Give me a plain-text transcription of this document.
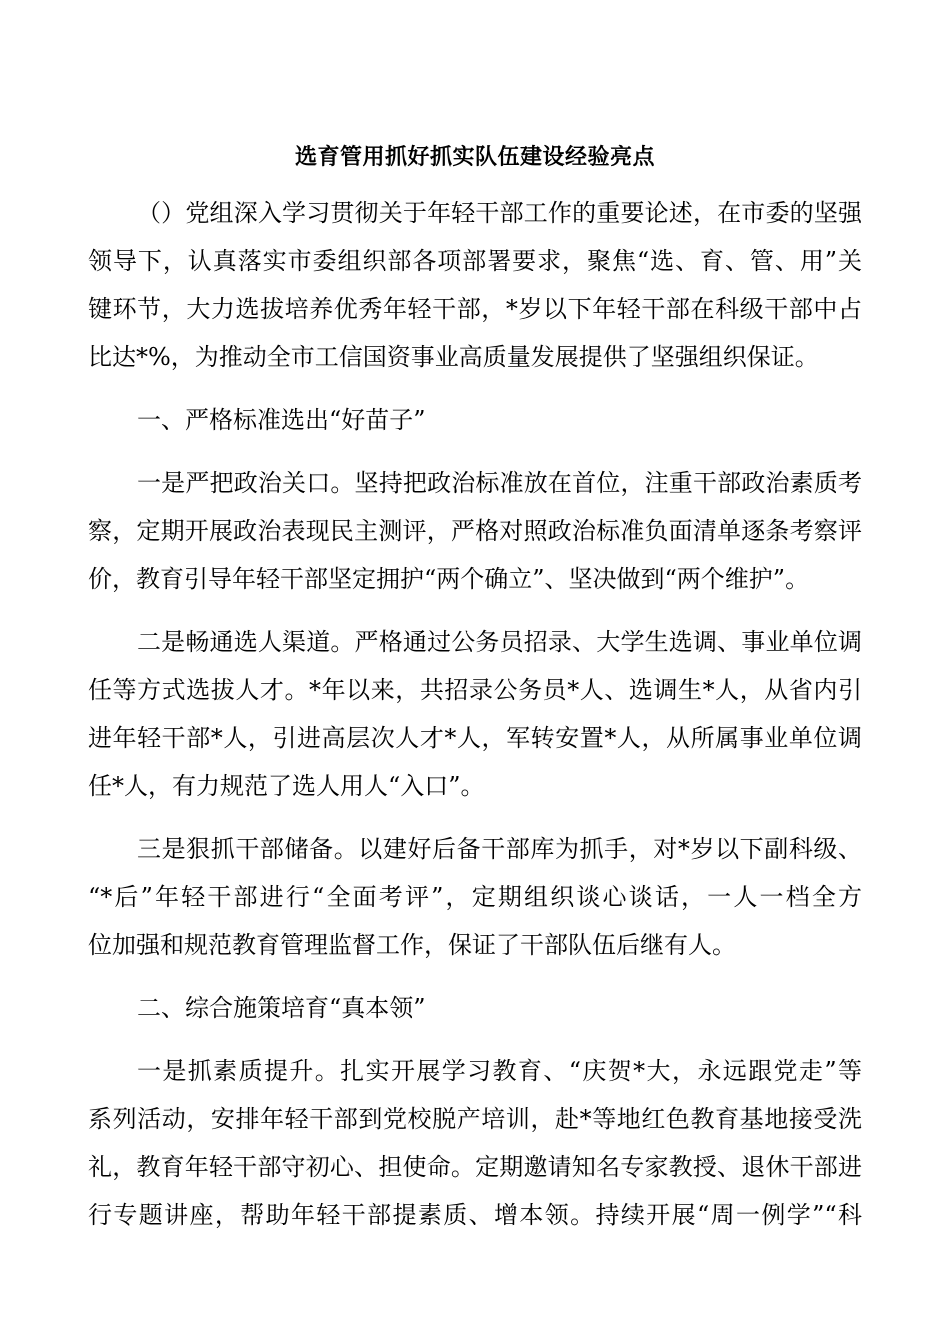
选育管用抓好抓实队伍建设经验亮点
（）党组深入学习贯彻关于年轻干部工作的重要论述，在市委的坚强
领导下，认真落实市委组织部各项部署要求，聚焦“选、育、管、用”关
键环节，大力选拔培养优秀年轻干部，*岁以下年轻干部在科级干部中占
比达*%，为推动全市工信国资事业高质量发展提供了坚强组织保证。
一、严格标准选出“好苗子”
一是严把政治关口。坚持把政治标准放在首位，注重干部政治素质考
察，定期开展政治表现民主测评，严格对照政治标准负面清单逐条考察评
价，教育引导年轻干部坚定拥护“两个确立”、坚决做到“两个维护”。
二是畅通选人渠道。严格通过公务员招录、大学生选调、事业单位调
任等方式选拔人才。*年以来，共招录公务员*人、选调生*人，从省内引
进年轻干部*人，引进高层次人才*人，军转安置*人，从所属事业单位调
任*人，有力规范了选人用人“入口”。
三是狠抓干部储备。以建好后备干部库为抓手，对*岁以下副科级、
“*后”年轻干部进行“全面考评”，定期组织谈心谈话，一人一档全方
位加强和规范教育管理监督工作，保证了干部队伍后继有人。
二、综合施策培育“真本领”
一是抓素质提升。扎实开展学习教育、“庆贺*大，永远跟党走”等
系列活动，安排年轻干部到党校脱产培训，赴*等地红色教育基地接受洗
礼，教育年轻干部守初心、担使命。定期邀请知名专家教授、退休干部进
行专题讲座，帮助年轻干部提素质、增本领。持续开展“周一例学”“科
